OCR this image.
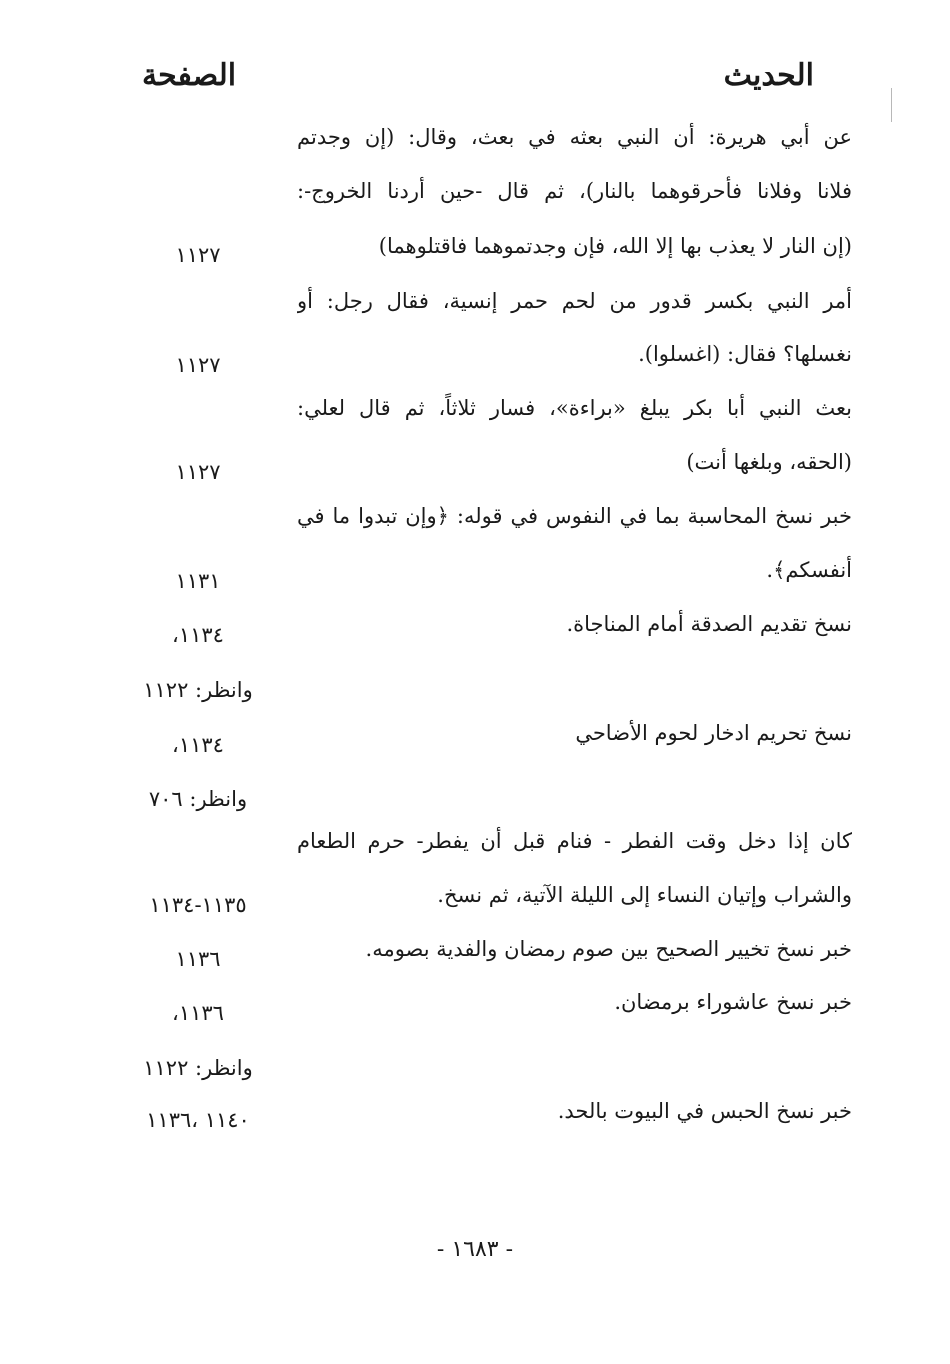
الحديث
الصفحة
عن أبي هريرة: أن النبي بعثه في بعث، وقال: (إن وجدتم
فلانا وفلانا فأحرقوهما بالنار)، ثم قال -حين أردنا الخروج-:
(إن النار لا يعذب بها إلا الله، فإن وجدتموهما فاقتلوهما)
أمر النبي بكسر قدور من لحم حمر إنسية، فقال رجل: أو
نغسلها؟ فقال: (اغسلوا).
بعث النبي أبا بكر يبلغ «براءة»، فسار ثلاثاً، ثم قال لعلي:
(الحقه، وبلغها أنت)
خبر نسخ المحاسبة بما في النفوس في قوله: ﴿وإن تبدوا ما في
أنفسكم﴾.
نسخ تقديم الصدقة أمام المناجاة.
نسخ تحريم ادخار لحوم الأضاحي
كان إذا دخل وقت الفطر - فنام قبل أن يفطر- حرم الطعام
والشراب وإتيان النساء إلى الليلة الآتية، ثم نسخ.
خبر نسخ تخيير الصحيح بين صوم رمضان والفدية بصومه.
خبر نسخ عاشوراء برمضان.
خبر نسخ الحبس في البيوت بالحد.
١١٢٧
١١٢٧
١١٢٧
١١٣١
١١٣٤،
وانظر: ١١٢٢
١١٣٤،
وانظر: ٧٠٦
١١٣٥-١١٣٤
١١٣٦
١١٣٦،
وانظر: ١١٢٢
١١٤٠ ،١١٣٦
- ١٦٨٣ -
